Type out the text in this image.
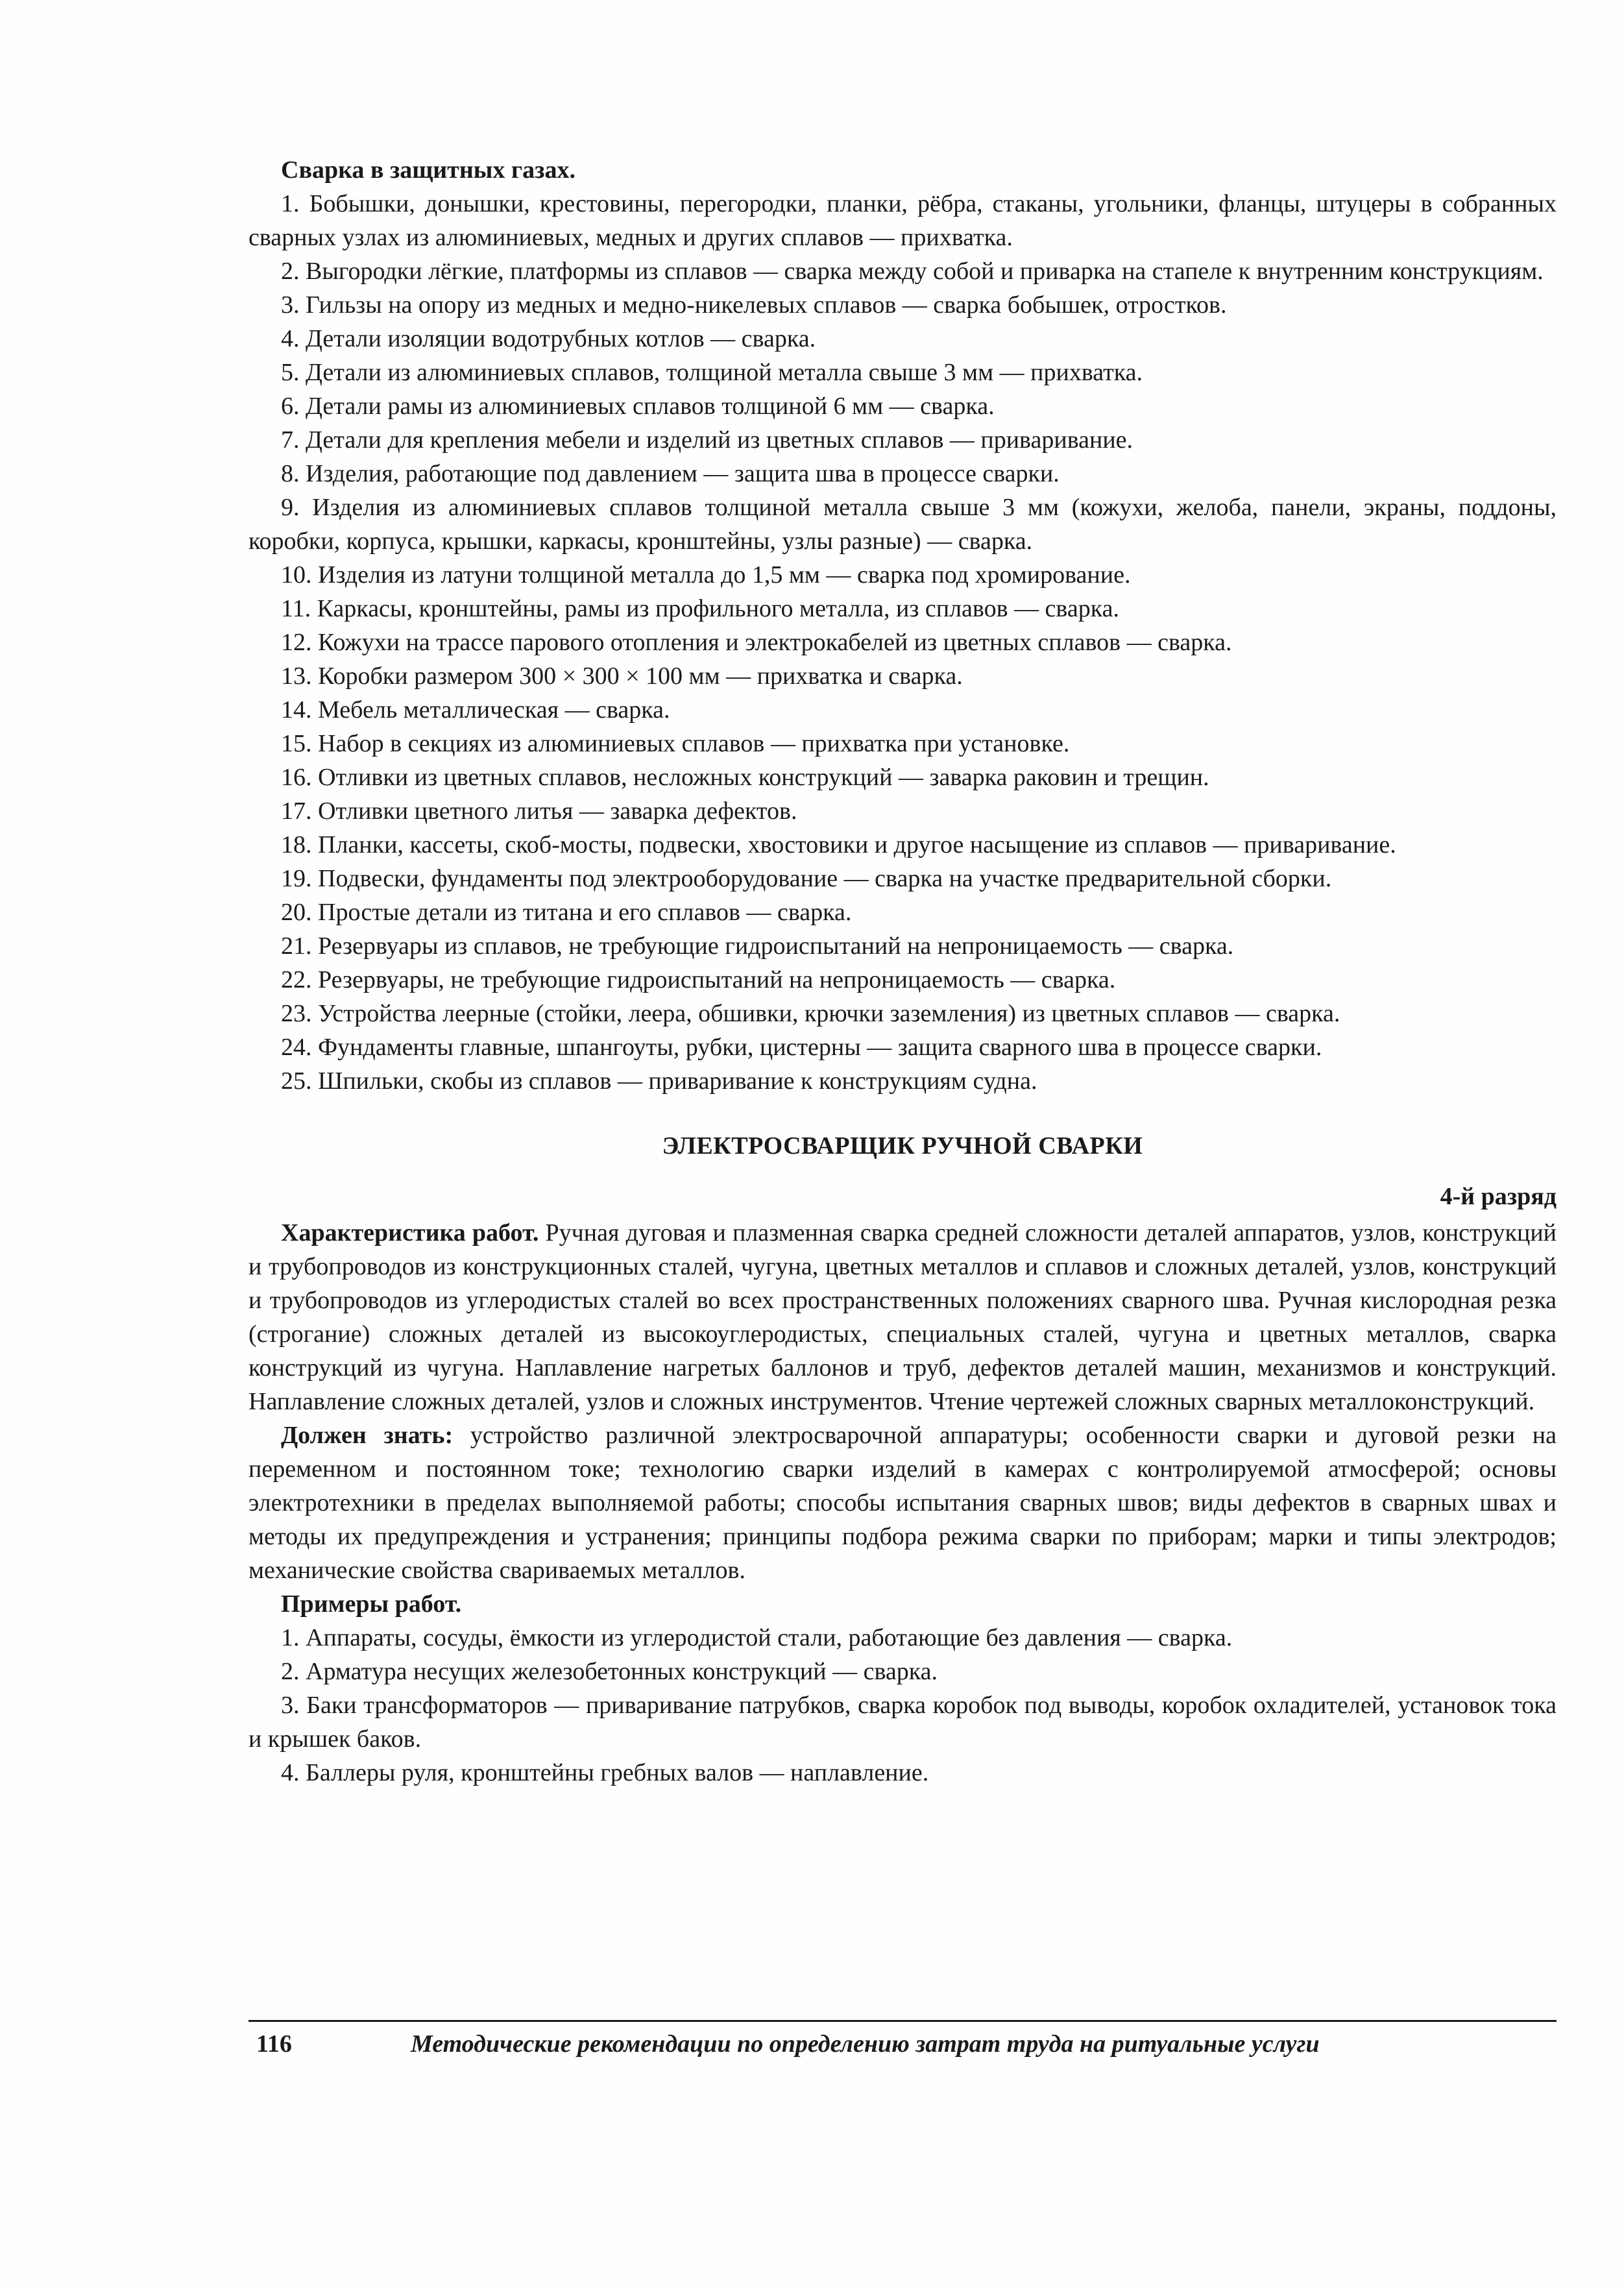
Сварка в защитных газах.

1. Бобышки, донышки, крестовины, перегородки, планки, рёбра, стаканы, угольники, фланцы, штуцеры в собранных сварных узлах из алюминиевых, медных и других сплавов — прихватка.

2. Выгородки лёгкие, платформы из сплавов — сварка между собой и приварка на стапеле к внутренним конструкциям.

3. Гильзы на опору из медных и медно-никелевых сплавов — сварка бобышек, отростков.

4. Детали изоляции водотрубных котлов — сварка.

5. Детали из алюминиевых сплавов, толщиной металла свыше 3 мм — прихватка.

6. Детали рамы из алюминиевых сплавов толщиной 6 мм — сварка.

7. Детали для крепления мебели и изделий из цветных сплавов — приваривание.

8. Изделия, работающие под давлением — защита шва в процессе сварки.

9. Изделия из алюминиевых сплавов толщиной металла свыше 3 мм (кожухи, желоба, панели, экраны, поддоны, коробки, корпуса, крышки, каркасы, кронштейны, узлы разные) — сварка.

10. Изделия из латуни толщиной металла до 1,5 мм — сварка под хромирование.

11. Каркасы, кронштейны, рамы из профильного металла, из сплавов — сварка.

12. Кожухи на трассе парового отопления и электрокабелей из цветных сплавов — сварка.

13. Коробки размером 300 × 300 × 100 мм — прихватка и сварка.

14. Мебель металлическая — сварка.

15. Набор в секциях из алюминиевых сплавов — прихватка при установке.

16. Отливки из цветных сплавов, несложных конструкций — заварка раковин и трещин.

17. Отливки цветного литья — заварка дефектов.

18. Планки, кассеты, скоб-мосты, подвески, хвостовики и другое насыщение из сплавов — приваривание.

19. Подвески, фундаменты под электрооборудование — сварка на участке предварительной сборки.

20. Простые детали из титана и его сплавов — сварка.

21. Резервуары из сплавов, не требующие гидроиспытаний на непроницаемость — сварка.

22. Резервуары, не требующие гидроиспытаний на непроницаемость — сварка.

23. Устройства леерные (стойки, леера, обшивки, крючки заземления) из цветных сплавов — сварка.

24. Фундаменты главные, шпангоуты, рубки, цистерны — защита сварного шва в процессе сварки.

25. Шпильки, скобы из сплавов — приваривание к конструкциям судна.

ЭЛЕКТРОСВАРЩИК РУЧНОЙ СВАРКИ

4-й разряд

Характеристика работ. Ручная дуговая и плазменная сварка средней сложности деталей аппаратов, узлов, конструкций и трубопроводов из конструкционных сталей, чугуна, цветных металлов и сплавов и сложных деталей, узлов, конструкций и трубопроводов из углеродистых сталей во всех пространственных положениях сварного шва. Ручная кислородная резка (строгание) сложных деталей из высокоуглеродистых, специальных сталей, чугуна и цветных металлов, сварка конструкций из чугуна. Наплавление нагретых баллонов и труб, дефектов деталей машин, механизмов и конструкций. Наплавление сложных деталей, узлов и сложных инструментов. Чтение чертежей сложных сварных металлоконструкций.

Должен знать: устройство различной электросварочной аппаратуры; особенности сварки и дуговой резки на переменном и постоянном токе; технологию сварки изделий в камерах с контролируемой атмосферой; основы электротехники в пределах выполняемой работы; способы испытания сварных швов; виды дефектов в сварных швах и методы их предупреждения и устранения; принципы подбора режима сварки по приборам; марки и типы электродов; механические свойства свариваемых металлов.

Примеры работ.

1. Аппараты, сосуды, ёмкости из углеродистой стали, работающие без давления — сварка.

2. Арматура несущих железобетонных конструкций — сварка.

3. Баки трансформаторов — приваривание патрубков, сварка коробок под выводы, коробок охладителей, установок тока и крышек баков.

4. Баллеры руля, кронштейны гребных валов — наплавление.

116	Методические рекомендации по определению затрат труда на ритуальные услуги
